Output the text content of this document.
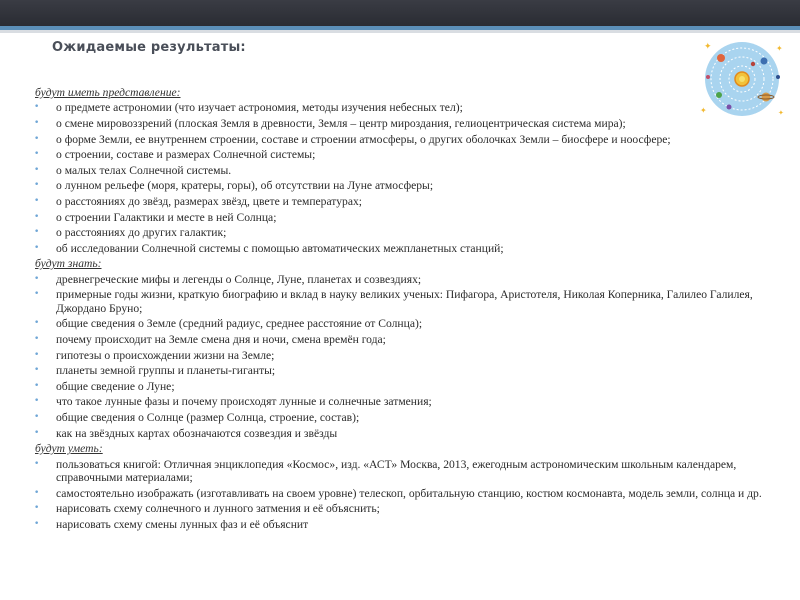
Ожидаемые результаты:	✦	✦
✦	✦

будут иметь представление:

• о предмете астрономии (что изучает астрономия, методы изучения небесных тел);
• о смене мировоззрений (плоская Земля в древности, Земля – центр мироздания, гелиоцентрическая система мира);
• о форме Земли, ее внутреннем строении, составе и строении атмосферы, о других оболочках Земли – биосфере и ноосфере;
• о строении, составе и размерах Солнечной системы;
• о малых телах Солнечной системы.
• о лунном рельефе (моря, кратеры, горы), об отсутствии на Луне атмосферы;
• о расстояниях до звёзд, размерах звёзд, цвете и температурах;
• о строении Галактики и месте в ней Солнца;
• о расстояниях до других галактик;
• об исследовании Солнечной системы с помощью автоматических межпланетных станций;

будут знать:

• древнегреческие мифы и легенды о Солнце, Луне, планетах и созвездиях;
• примерные годы жизни, краткую биографию и вклад в науку великих ученых: Пифагора, Аристотеля, Николая Коперника, Галилео Галилея, Джордано Бруно;
• общие сведения о Земле (средний радиус, среднее расстояние от Солнца);
• почему происходит на Земле смена дня и ночи, смена времён года;
• гипотезы о происхождении жизни на Земле;
• планеты земной группы и планеты-гиганты;
• общие сведение о Луне;
• что такое лунные фазы и почему происходят лунные и солнечные затмения;
• общие сведения о Солнце (размер Солнца, строение, состав);
• как на звёздных картах обозначаются созвездия и звёзды

будут уметь:

• пользоваться книгой: Отличная энциклопедия «Космос», изд. «АСТ» Москва, 2013, ежегодным астрономическим школьным календарем, справочными материалами;
• самостоятельно изображать (изготавливать на своем уровне) телескоп, орбитальную станцию, костюм космонавта, модель земли, солнца и др.
• нарисовать схему солнечного и лунного затмения и её объяснить;
• нарисовать схему смены лунных фаз и её объяснит
